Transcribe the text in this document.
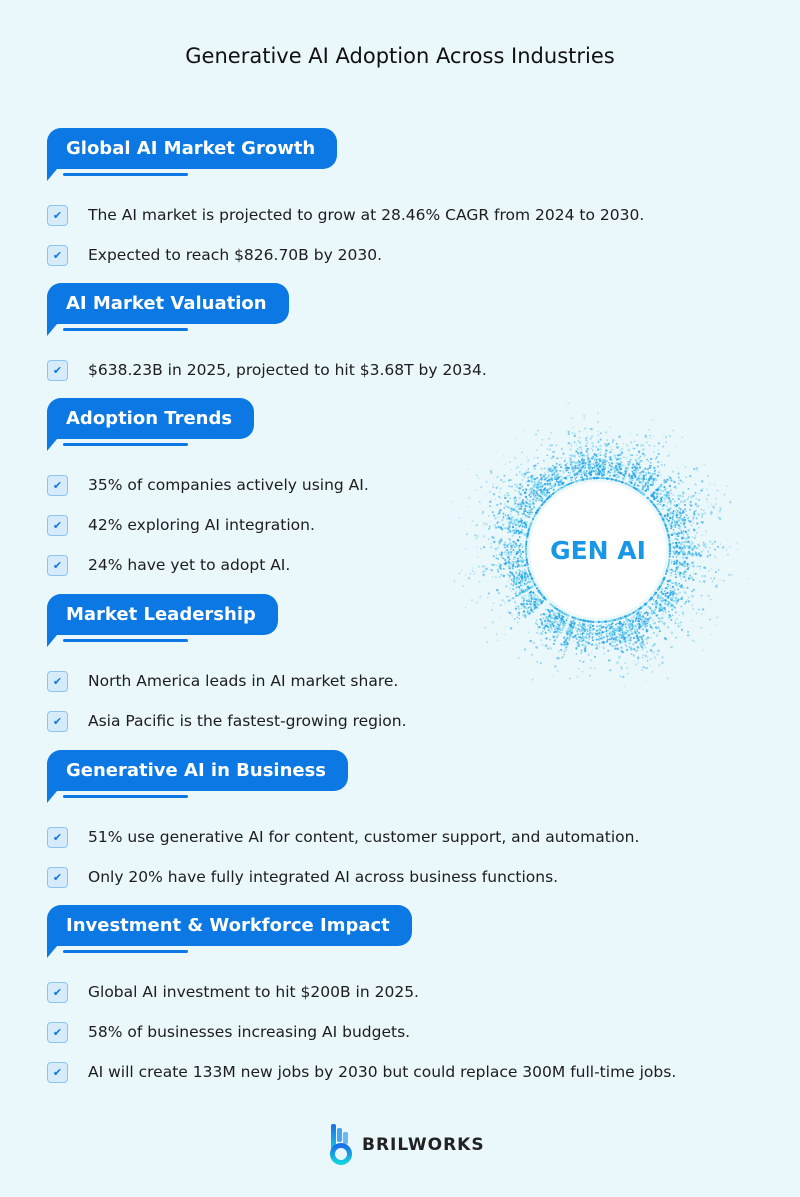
Generative AI Adoption Across Industries
Global AI Market Growth
✔	The AI market is projected to grow at 28.46% CAGR from 2024 to 2030.
✔	Expected to reach $826.70B by 2030.
AI Market Valuation
✔	$638.23B in 2025, projected to hit $3.68T by 2034.
Adoption Trends
✔	35% of companies actively using AI.
✔	42% exploring AI integration.
✔	24% have yet to adopt AI.
Market Leadership
✔	North America leads in AI market share.
✔	Asia Pacific is the fastest-growing region.
Generative AI in Business
✔	51% use generative AI for content, customer support, and automation.
✔	Only 20% have fully integrated AI across business functions.
Investment & Workforce Impact
✔	Global AI investment to hit $200B in 2025.
✔	58% of businesses increasing AI budgets.
✔	AI will create 133M new jobs by 2030 but could replace 300M full-time jobs.
GEN AI
BRILWORKS
